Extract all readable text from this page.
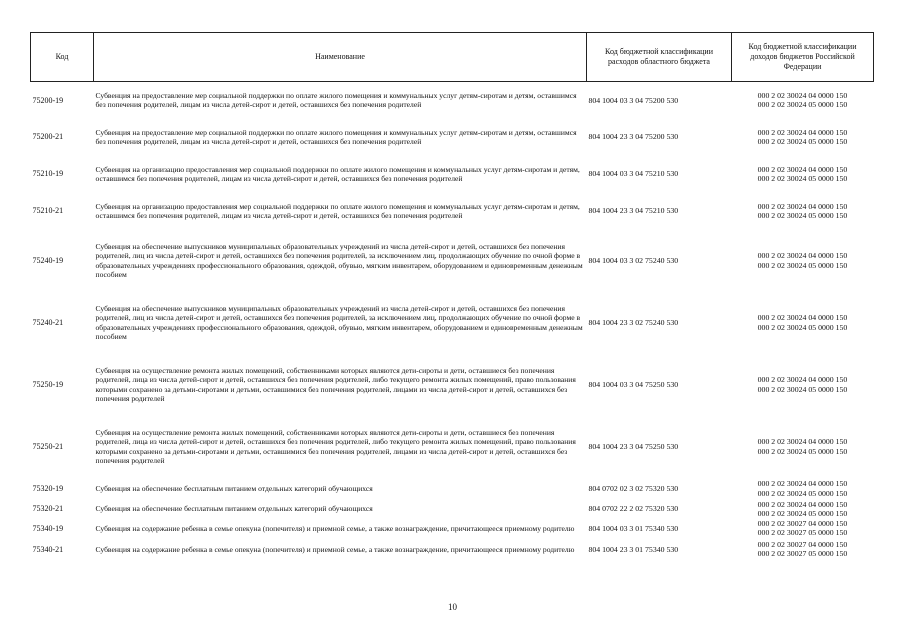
Код	Наименование	Код бюджетной классификации расходов областного бюджета	Код бюджетной классификации доходов бюджетов Российской Федерации
75200-19	Субвенция на предоставление мер социальной поддержки по оплате жилого помещения и коммунальных услуг детям-сиротам и детям, оставшимся без попечения родителей, лицам из числа детей-сирот и детей, оставшихся без попечения родителей	804 1004 03 3 04 75200 530	000 2 02 30024 04 0000 150
000 2 02 30024 05 0000 150

75200-21	Субвенция на предоставление мер социальной поддержки по оплате жилого помещения и коммунальных услуг детям-сиротам и детям, оставшимся без попечения родителей, лицам из числа детей-сирот и детей, оставшихся без попечения родителей	804 1004 23 3 04 75200 530	000 2 02 30024 04 0000 150
000 2 02 30024 05 0000 150

75210-19	Субвенция на организацию предоставления мер социальной поддержки по оплате жилого помещения и коммунальных услуг детям-сиротам и детям, оставшимся без попечения родителей, лицам из числа детей-сирот и детей, оставшихся без попечения родителей	804 1004 03 3 04 75210 530	000 2 02 30024 04 0000 150
000 2 02 30024 05 0000 150

75210-21	Субвенция на организацию предоставления мер социальной поддержки по оплате жилого помещения и коммунальных услуг детям-сиротам и детям, оставшимся без попечения родителей, лицам из числа детей-сирот и детей, оставшихся без попечения родителей	804 1004 23 3 04 75210 530	000 2 02 30024 04 0000 150
000 2 02 30024 05 0000 150

75240-19	Субвенция на обеспечение выпускников муниципальных образовательных учреждений из числа детей-сирот и детей, оставшихся без попечения родителей, лиц из числа детей-сирот и детей, оставшихся без попечения родителей, за исключением лиц, продолжающих обучение по очной форме в образовательных учреждениях профессионального образования, одеждой, обувью, мягким инвентарем, оборудованием и единовременным денежным пособием	804 1004 03 3 02 75240 530	000 2 02 30024 04 0000 150
000 2 02 30024 05 0000 150

75240-21	Субвенция на обеспечение выпускников муниципальных образовательных учреждений из числа детей-сирот и детей, оставшихся без попечения родителей, лиц из числа детей-сирот и детей, оставшихся без попечения родителей, за исключением лиц, продолжающих обучение по очной форме в образовательных учреждениях профессионального образования, одеждой, обувью, мягким инвентарем, оборудованием и единовременным денежным пособием	804 1004 23 3 02 75240 530	000 2 02 30024 04 0000 150
000 2 02 30024 05 0000 150

75250-19	Субвенция на осуществление ремонта жилых помещений, собственниками которых являются дети-сироты и дети, оставшиеся без попечения родителей, лица из числа детей-сирот и детей, оставшихся без попечения родителей, либо текущего ремонта жилых помещений, право пользования которыми сохранено за детьми-сиротами и детьми, оставшимися без попечения родителей, лицами из числа детей-сирот и детей, оставшихся без попечения родителей	804 1004 03 3 04 75250 530	000 2 02 30024 04 0000 150
000 2 02 30024 05 0000 150

75250-21	Субвенция на осуществление ремонта жилых помещений, собственниками которых являются дети-сироты и дети, оставшиеся без попечения родителей, лица из числа детей-сирот и детей, оставшихся без попечения родителей, либо текущего ремонта жилых помещений, право пользования которыми сохранено за детьми-сиротами и детьми, оставшимися без попечения родителей, лицами из числа детей-сирот и детей, оставшихся без попечения родителей	804 1004 23 3 04 75250 530	000 2 02 30024 04 0000 150
000 2 02 30024 05 0000 150

75320-19	Субвенция на обеспечение бесплатным питанием отдельных категорий обучающихся	804 0702 02 3 02 75320 530	000 2 02 30024 04 0000 150
000 2 02 30024 05 0000 150

75320-21	Субвенция на обеспечение бесплатным питанием отдельных категорий обучающихся	804 0702 22 2 02 75320 530	000 2 02 30024 04 0000 150
000 2 02 30024 05 0000 150

75340-19	Субвенция на содержание ребенка в семье опекуна (попечителя) и приемной семье, а также вознаграждение, причитающееся приемному родителю	804 1004 03 3 01 75340 530	000 2 02 30027 04 0000 150
000 2 02 30027 05 0000 150

75340-21	Субвенция на содержание ребенка в семье опекуна (попечителя) и приемной семье, а также вознаграждение, причитающееся приемному родителю	804 1004 23 3 01 75340 530	000 2 02 30027 04 0000 150
000 2 02 30027 05 0000 150
10
